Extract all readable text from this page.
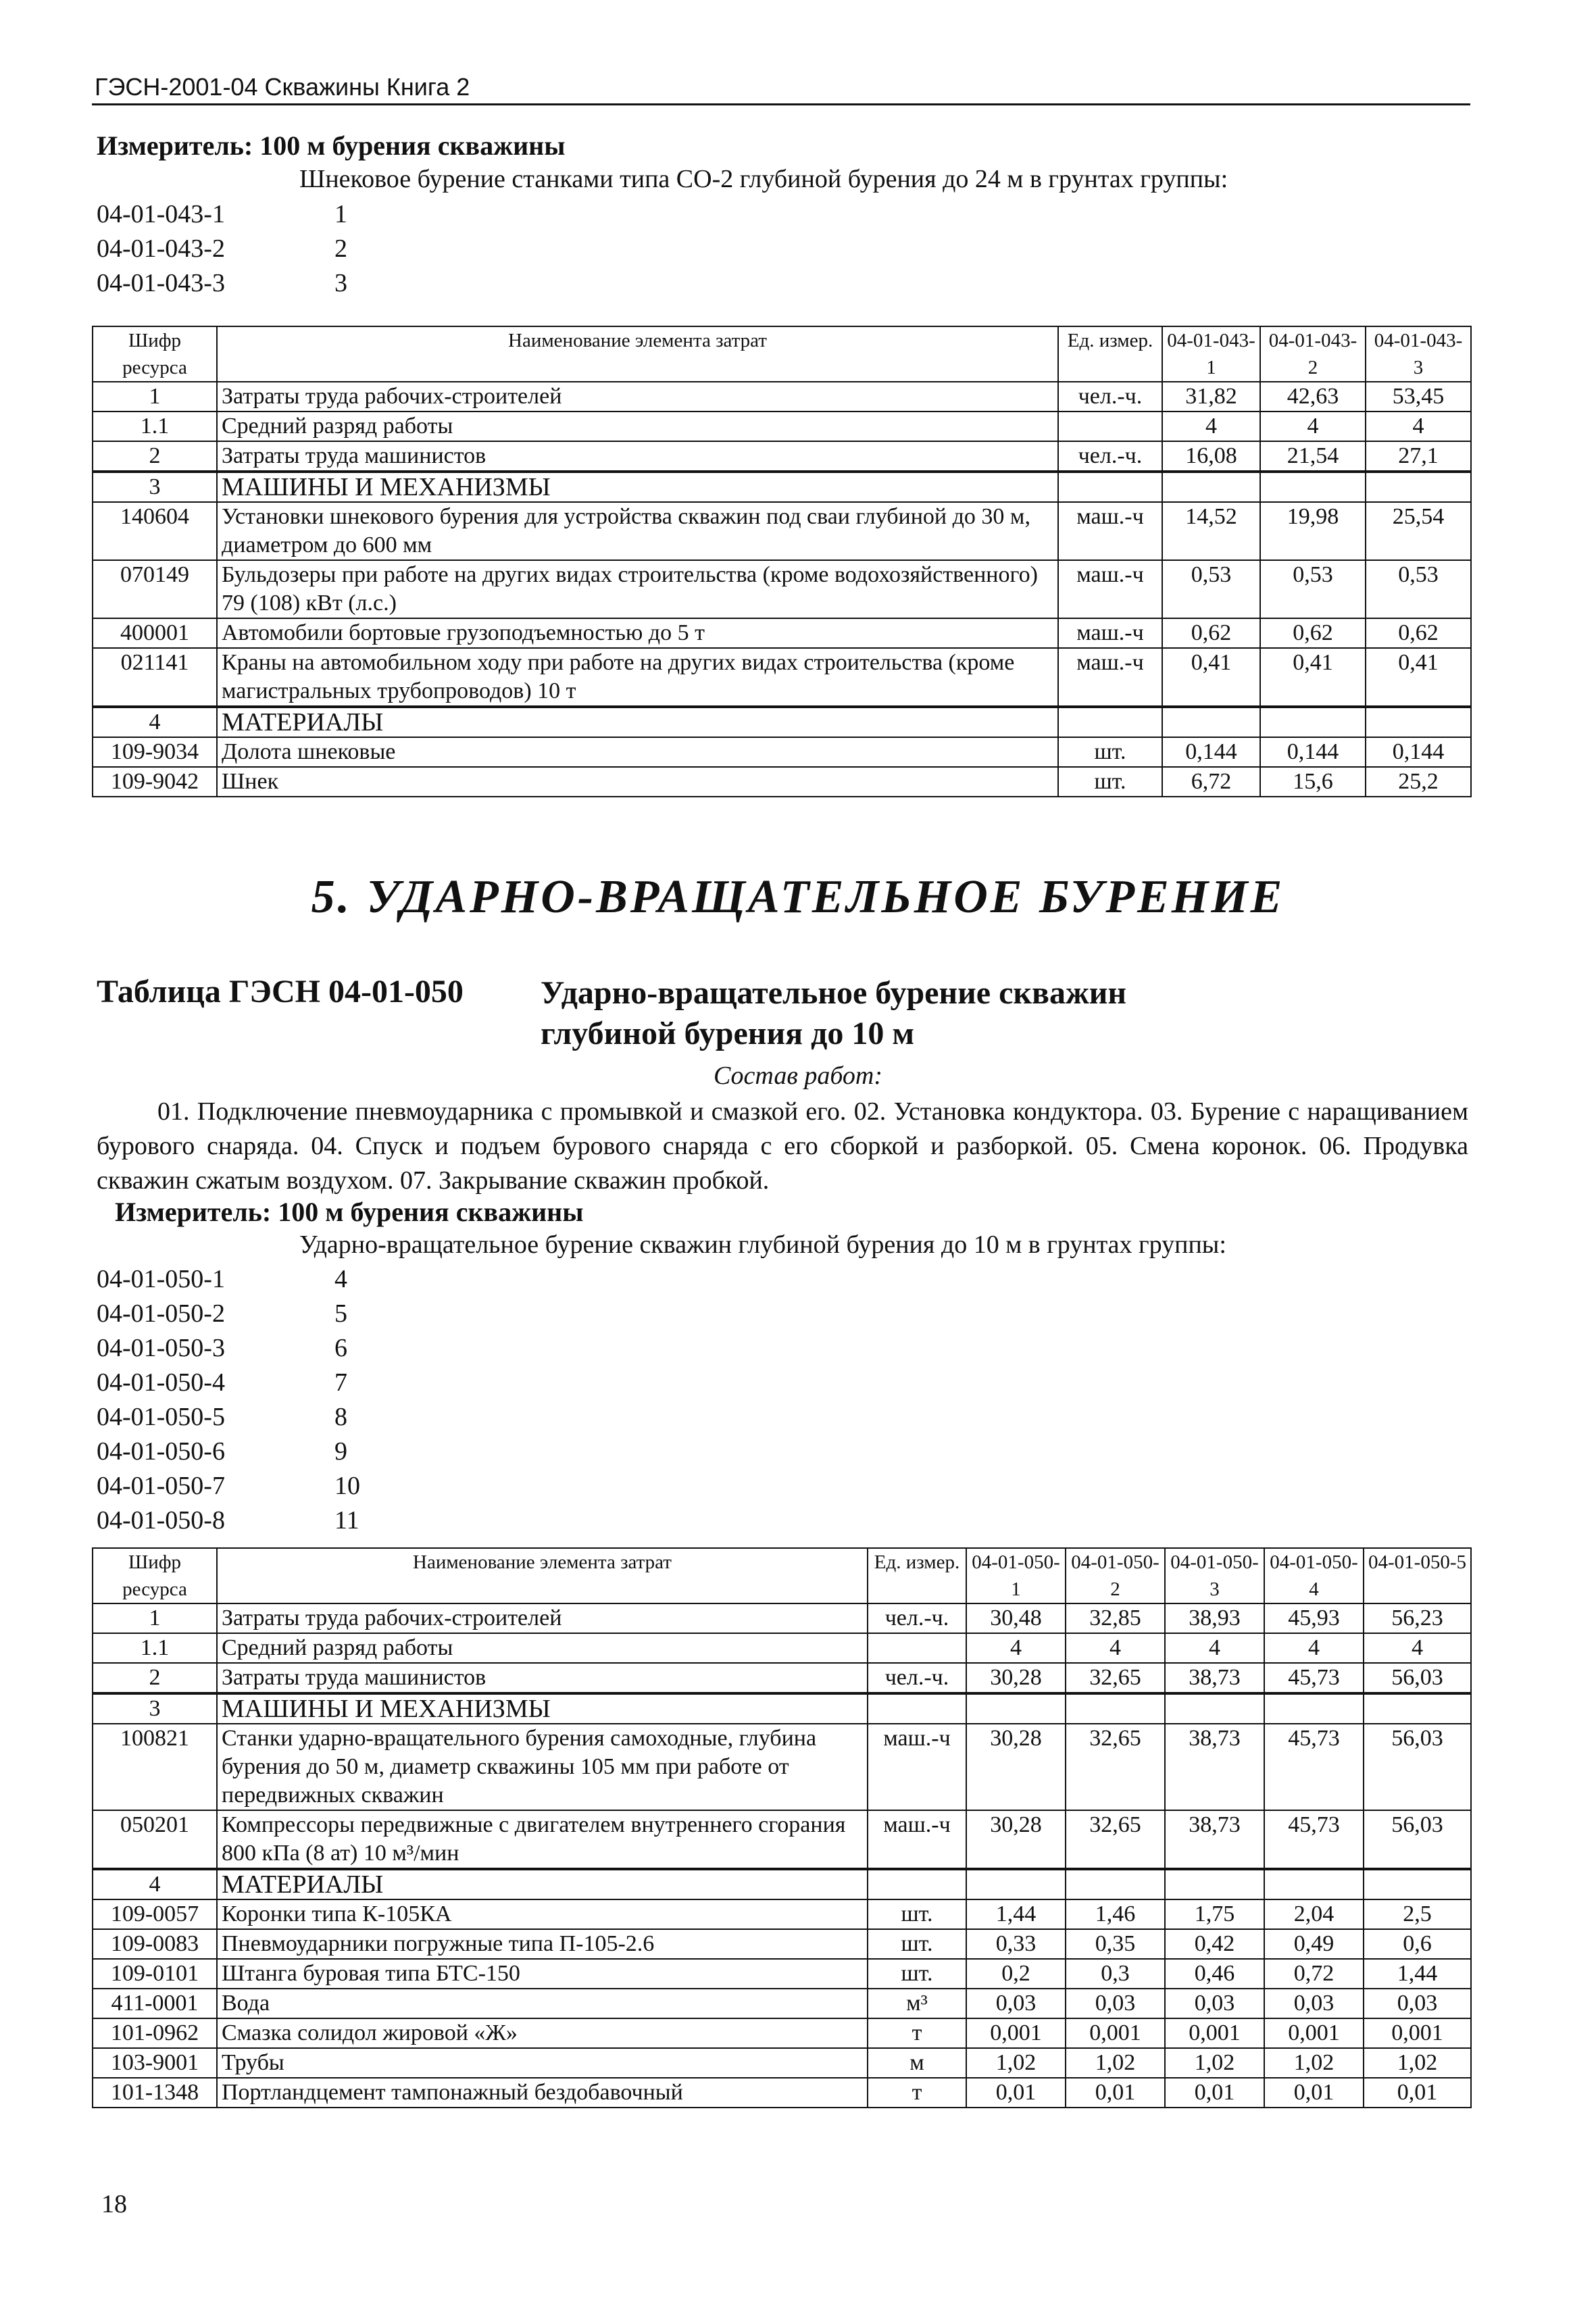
ГЭСН-2001-04 Скважины Книга 2
Измеритель: 100 м бурения скважины
Шнековое бурение станками типа СО-2 глубиной бурения до 24 м в грунтах группы:
04-01-043-1	1
04-01-043-2	2
04-01-043-3	3
Шифр ресурса	Наименование элемента затрат	Ед. измер.	04-01-043-1	04-01-043-2	04-01-043-3
1	Затраты труда рабочих-строителей	чел.-ч.	31,82	42,63	53,45
1.1	Средний разряд работы		4	4	4
2	Затраты труда машинистов	чел.-ч.	16,08	21,54	27,1
3	МАШИНЫ И МЕХАНИЗМЫ				
140604	Установки шнекового бурения для устройства скважин под сваи глубиной до 30 м, диаметром до 600 мм	маш.-ч	14,52	19,98	25,54
070149	Бульдозеры при работе на других видах строительства (кроме водохозяйственного) 79 (108) кВт (л.с.)	маш.-ч	0,53	0,53	0,53
400001	Автомобили бортовые грузоподъемностью до 5 т	маш.-ч	0,62	0,62	0,62
021141	Краны на автомобильном ходу при работе на других видах строительства (кроме магистральных трубопроводов) 10 т	маш.-ч	0,41	0,41	0,41
4	МАТЕРИАЛЫ				
109-9034	Долота шнековые	шт.	0,144	0,144	0,144
109-9042	Шнек	шт.	6,72	15,6	25,2
5. УДАРНО-ВРАЩАТЕЛЬНОЕ БУРЕНИЕ
Таблица ГЭСН 04-01-050 Ударно-вращательное бурение скважин
глубиной бурения до 10 м
Состав работ:
01. Подключение пневмоударника с промывкой и смазкой его. 02. Установка кондуктора. 03. Бурение с наращиванием бурового снаряда. 04. Спуск и подъем бурового снаряда с его сборкой и разборкой. 05. Смена коронок. 06. Продувка скважин сжатым воздухом. 07. Закрывание скважин пробкой.
Измеритель: 100 м бурения скважины
Ударно-вращательное бурение скважин глубиной бурения до 10 м в грунтах группы:
04-01-050-1	4
04-01-050-2	5
04-01-050-3	6
04-01-050-4	7
04-01-050-5	8
04-01-050-6	9
04-01-050-7	10
04-01-050-8	11
Шифр ресурса	Наименование элемента затрат	Ед. измер.	04-01-050-1	04-01-050-2	04-01-050-3	04-01-050-4	04-01-050-5
1	Затраты труда рабочих-строителей	чел.-ч.	30,48	32,85	38,93	45,93	56,23
1.1	Средний разряд работы		4	4	4	4	4
2	Затраты труда машинистов	чел.-ч.	30,28	32,65	38,73	45,73	56,03
3	МАШИНЫ И МЕХАНИЗМЫ						
100821	Станки ударно-вращательного бурения самоходные, глубина бурения до 50 м, диаметр скважины 105 мм при работе от передвижных скважин	маш.-ч	30,28	32,65	38,73	45,73	56,03
050201	Компрессоры передвижные с двигателем внутреннего сгорания 800 кПа (8 ат) 10 м³/мин	маш.-ч	30,28	32,65	38,73	45,73	56,03
4	МАТЕРИАЛЫ						
109-0057	Коронки типа К-105КА	шт.	1,44	1,46	1,75	2,04	2,5
109-0083	Пневмоударники погружные типа П-105-2.6	шт.	0,33	0,35	0,42	0,49	0,6
109-0101	Штанга буровая типа БТС-150	шт.	0,2	0,3	0,46	0,72	1,44
411-0001	Вода	м³	0,03	0,03	0,03	0,03	0,03
101-0962	Смазка солидол жировой «Ж»	т	0,001	0,001	0,001	0,001	0,001
103-9001	Трубы	м	1,02	1,02	1,02	1,02	1,02
101-1348	Портландцемент тампонажный бездобавочный	т	0,01	0,01	0,01	0,01	0,01
18
